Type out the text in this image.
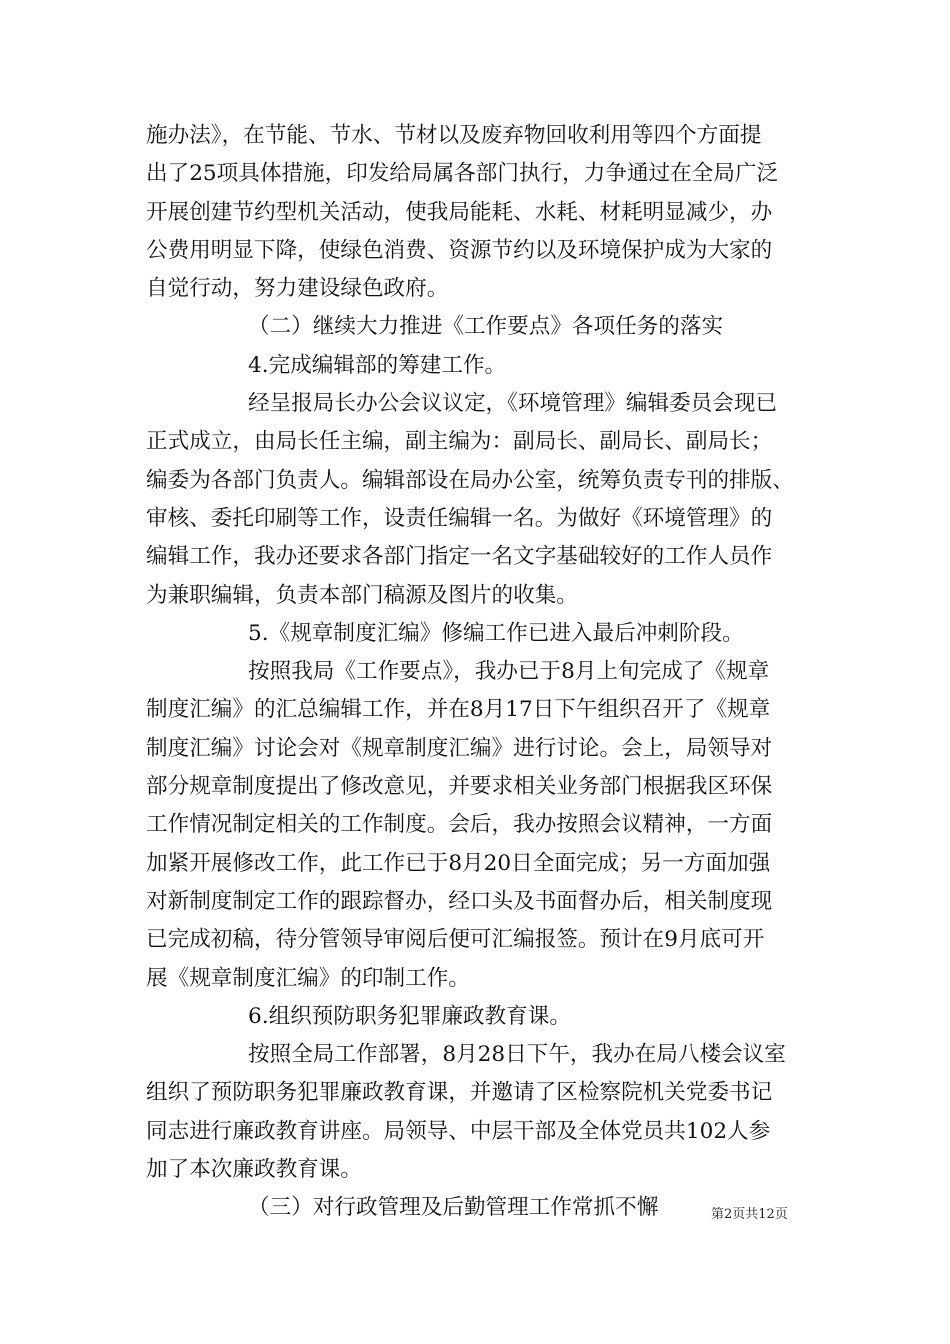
施办法》，在节能、节水、节材以及废弃物回收利用等四个方面提
出了25项具体措施，印发给局属各部门执行，力争通过在全局广泛
开展创建节约型机关活动，使我局能耗、水耗、材耗明显减少，办
公费用明显下降，使绿色消费、资源节约以及环境保护成为大家的
自觉行动，努力建设绿色政府。
（二）继续大力推进《工作要点》各项任务的落实
4.完成编辑部的筹建工作。
经呈报局长办公会议议定，《环境管理》编辑委员会现已
正式成立，由局长任主编，副主编为：副局长、副局长、副局长；
编委为各部门负责人。编辑部设在局办公室，统筹负责专刊的排版、
审核、委托印刷等工作，设责任编辑一名。为做好《环境管理》的
编辑工作，我办还要求各部门指定一名文字基础较好的工作人员作
为兼职编辑，负责本部门稿源及图片的收集。
5.《规章制度汇编》修编工作已进入最后冲刺阶段。
按照我局《工作要点》，我办已于8月上旬完成了《规章
制度汇编》的汇总编辑工作，并在8月17日下午组织召开了《规章
制度汇编》讨论会对《规章制度汇编》进行讨论。会上，局领导对
部分规章制度提出了修改意见，并要求相关业务部门根据我区环保
工作情况制定相关的工作制度。会后，我办按照会议精神，一方面
加紧开展修改工作，此工作已于8月20日全面完成；另一方面加强
对新制度制定工作的跟踪督办，经口头及书面督办后，相关制度现
已完成初稿，待分管领导审阅后便可汇编报签。预计在9月底可开
展《规章制度汇编》的印制工作。
6.组织预防职务犯罪廉政教育课。
按照全局工作部署，8月28日下午，我办在局八楼会议室
组织了预防职务犯罪廉政教育课，并邀请了区检察院机关党委书记
同志进行廉政教育讲座。局领导、中层干部及全体党员共102人参
加了本次廉政教育课。
（三）对行政管理及后勤管理工作常抓不懈	第2页共12页
